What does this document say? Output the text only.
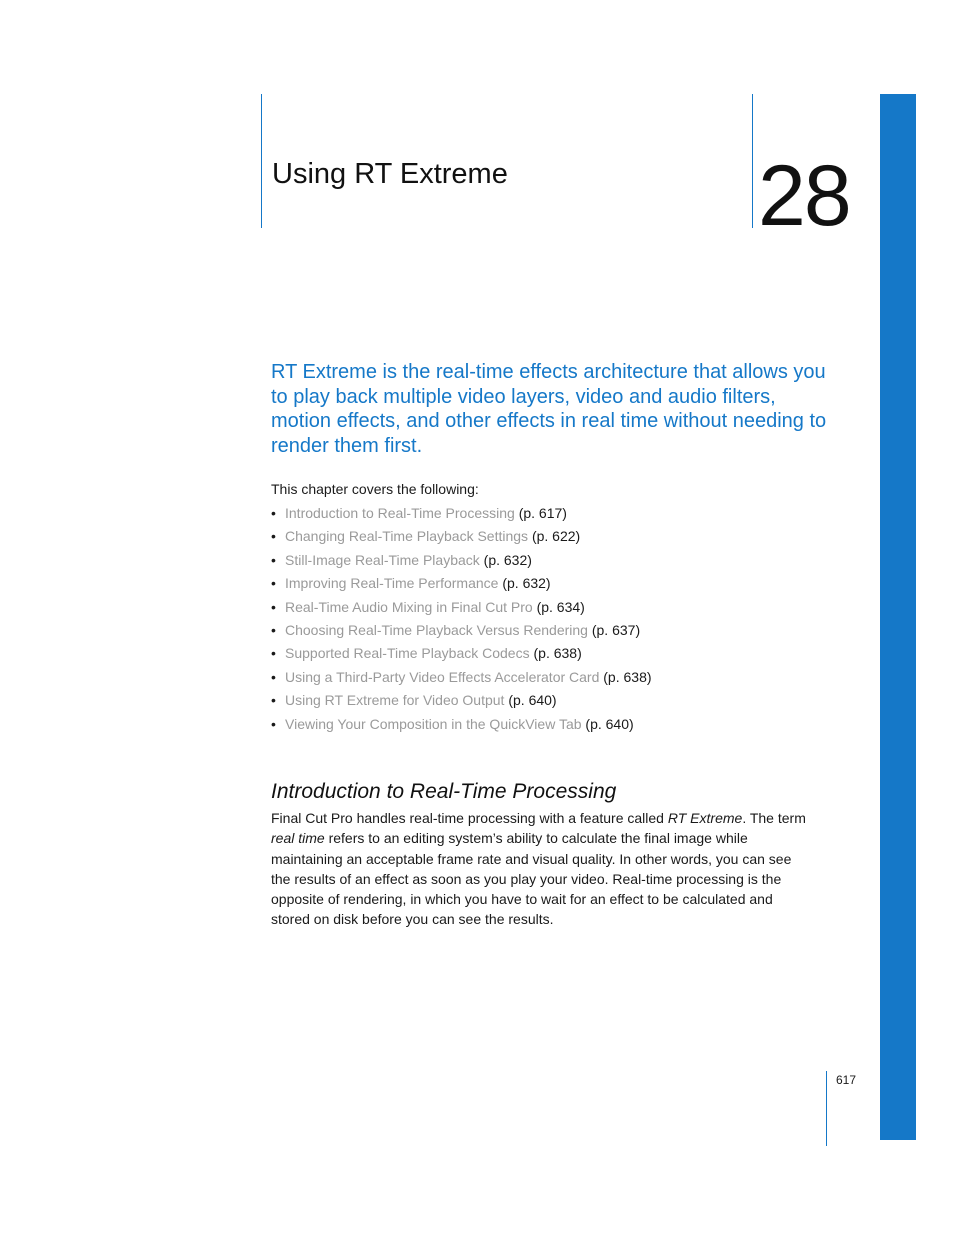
Using RT Extreme	28

RT Extreme is the real-time effects architecture that allows you to play back multiple video layers, video and audio filters, motion effects, and other effects in real time without needing to render them first.

This chapter covers the following:

• Introduction to Real-Time Processing (p. 617)
• Changing Real-Time Playback Settings (p. 622)
• Still-Image Real-Time Playback (p. 632)
• Improving Real-Time Performance (p. 632)
• Real-Time Audio Mixing in Final Cut Pro (p. 634)
• Choosing Real-Time Playback Versus Rendering (p. 637)
• Supported Real-Time Playback Codecs (p. 638)
• Using a Third-Party Video Effects Accelerator Card (p. 638)
• Using RT Extreme for Video Output (p. 640)
• Viewing Your Composition in the QuickView Tab (p. 640)
Introduction to Real-Time Processing

Final Cut Pro handles real-time processing with a feature called RT Extreme. The term real time refers to an editing system’s ability to calculate the final image while maintaining an acceptable frame rate and visual quality. In other words, you can see the results of an effect as soon as you play your video. Real-time processing is the opposite of rendering, in which you have to wait for an effect to be calculated and stored on disk before you can see the results.

617
